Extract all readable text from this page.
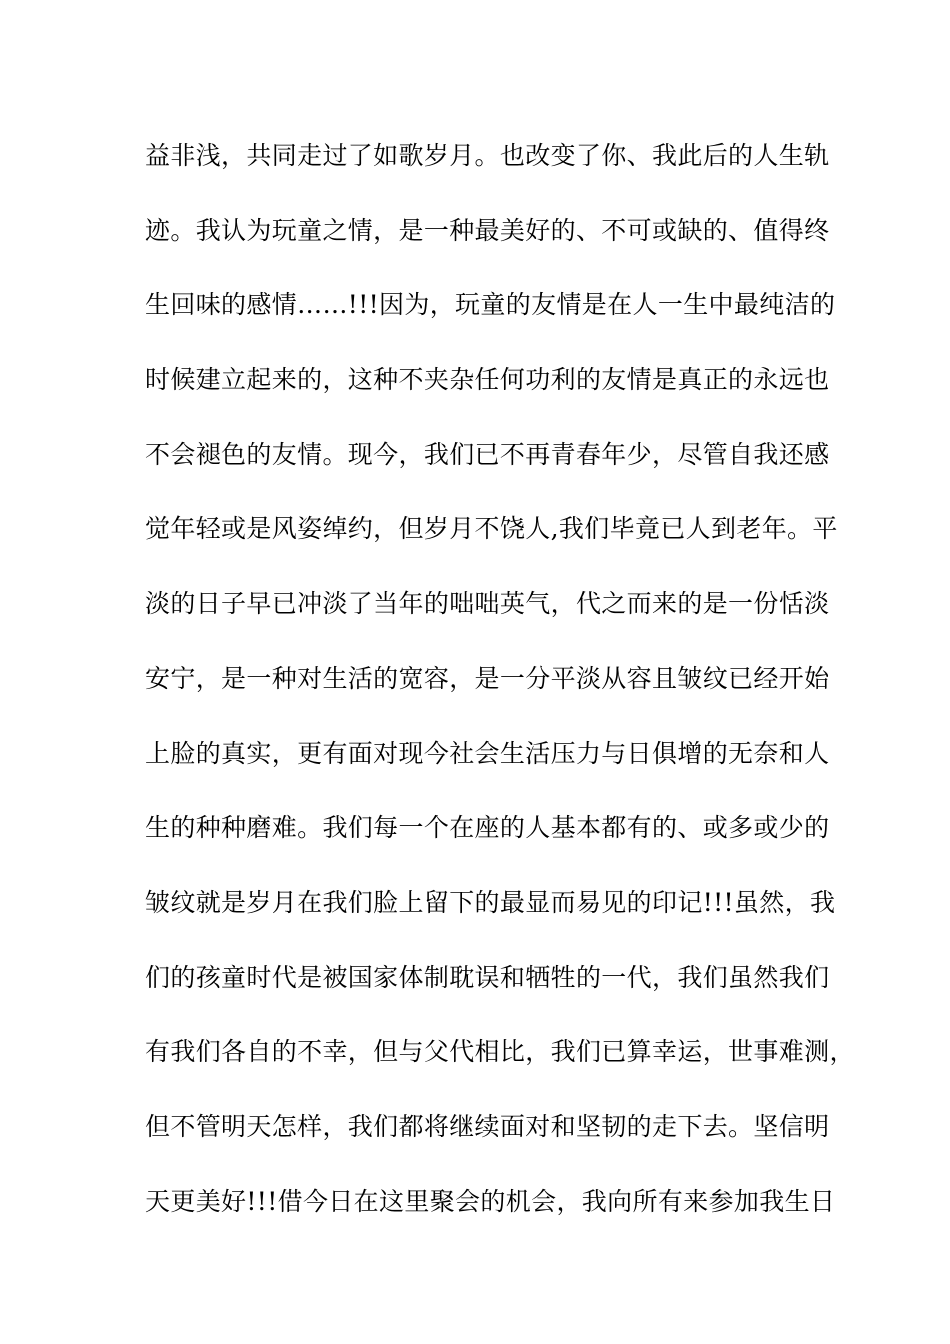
益非浅，共同走过了如歌岁月。也改变了你、我此后的人生轨
迹。我认为玩童之情，是一种最美好的、不可或缺的、值得终
生回味的感情……!!!因为，玩童的友情是在人一生中最纯洁的
时候建立起来的，这种不夹杂任何功利的友情是真正的永远也
不会褪色的友情。现今，我们已不再青春年少，尽管自我还感
觉年轻或是风姿绰约，但岁月不饶人,我们毕竟已人到老年。平
淡的日子早已冲淡了当年的咄咄英气，代之而来的是一份恬淡
安宁，是一种对生活的宽容，是一分平淡从容且皱纹已经开始
上脸的真实，更有面对现今社会生活压力与日俱增的无奈和人
生的种种磨难。我们每一个在座的人基本都有的、或多或少的
皱纹就是岁月在我们脸上留下的最显而易见的印记!!!虽然，我
们的孩童时代是被国家体制耽误和牺牲的一代，我们虽然我们
有我们各自的不幸，但与父代相比，我们已算幸运，世事难测，
但不管明天怎样，我们都将继续面对和坚韧的走下去。坚信明
天更美好!!!借今日在这里聚会的机会，我向所有来参加我生日
